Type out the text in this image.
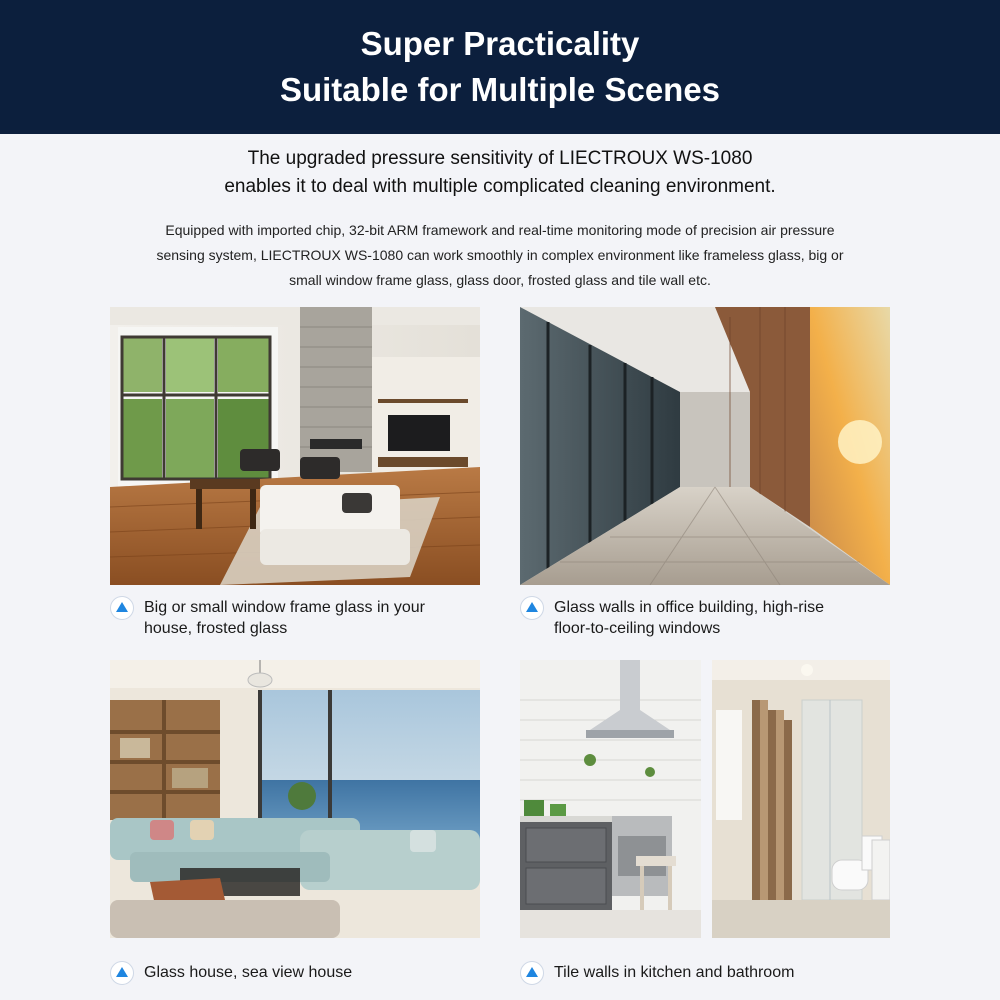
Super Practicality
Suitable for Multiple Scenes
The upgraded pressure sensitivity of LIECTROUX WS-1080
enables it to deal with multiple complicated cleaning environment.
Equipped with imported chip, 32-bit ARM framework and real-time monitoring mode of precision air pressure
sensing system, LIECTROUX WS-1080 can work smoothly in complex environment like frameless glass, big or
small window frame glass, glass door, frosted glass and tile wall etc.
Big or small window frame glass in your
house, frosted glass
Glass walls in office building, high-rise
floor-to-ceiling windows
Glass house, sea view house	Tile walls in kitchen and bathroom
